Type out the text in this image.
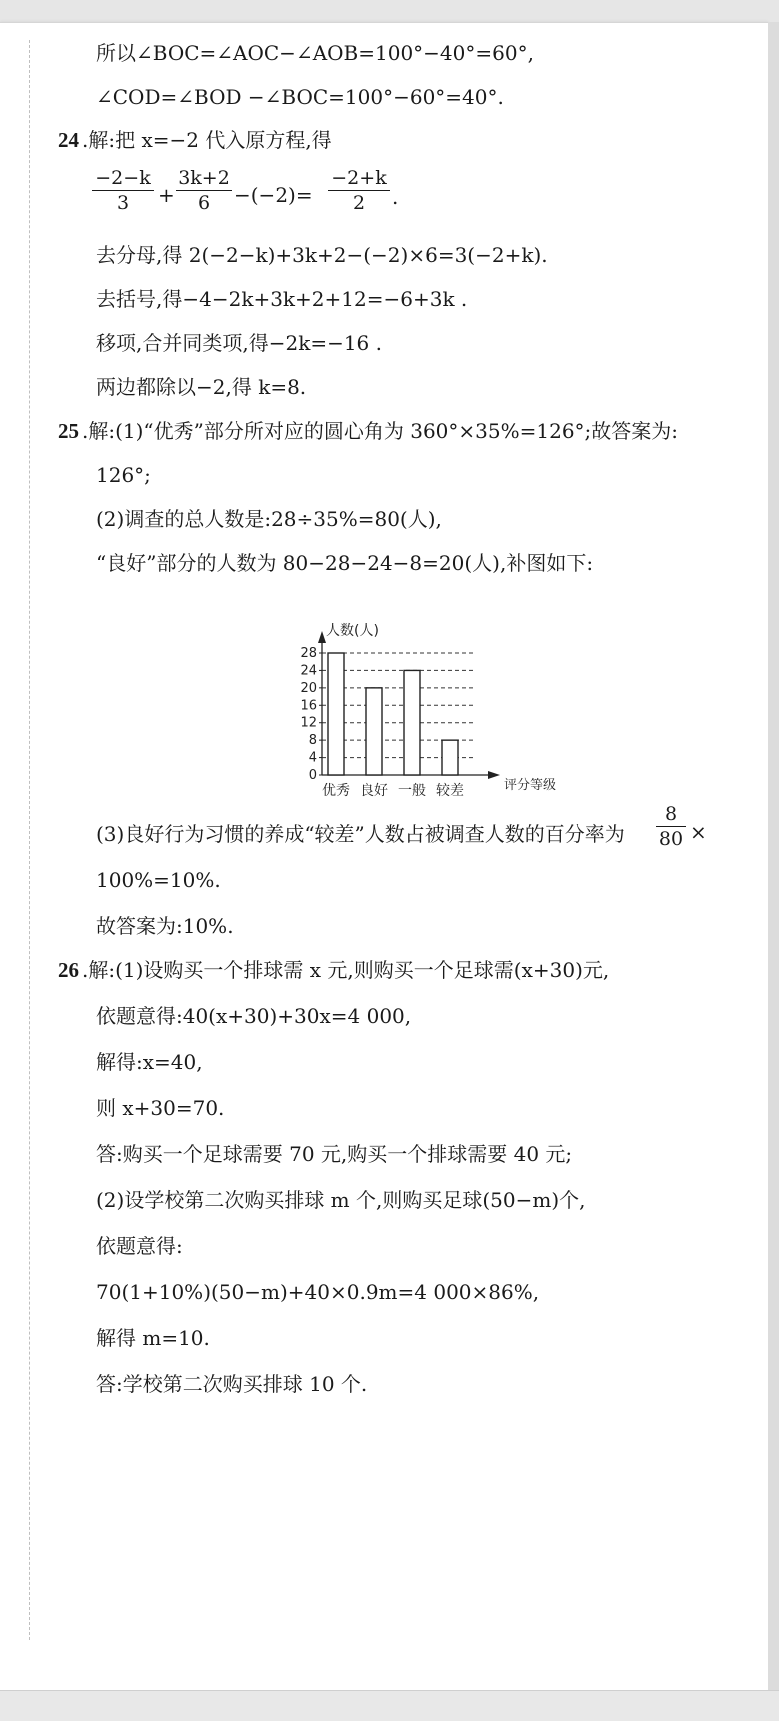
所以∠BOC=∠AOC−∠AOB=100°−40°=60°,
∠COD=∠BOD −∠BOC=100°−60°=40°.
24 .解:把 x=−2 代入原方程,得
−2−k
3	+
3k+2
6	−(−2)=
−2+k
2	.
去分母,得 2(−2−k)+3k+2−(−2)×6=3(−2+k).
去括号,得−4−2k+3k+2+12=−6+3k .
移项,合并同类项,得−2k=−16 .
两边都除以−2,得 k=8.
25 .解:(1)“优秀”部分所对应的圆心角为 360°×35%=126°;故答案为:
126°;
(2)调查的总人数是:28÷35%=80(人),
“良好”部分的人数为 80−28−24−8=20(人),补图如下:
0
4
8
12
16
20
24
28
人数(人)
评分等级
优秀 良好 一般 较差
(3)良好行为习惯的养成“较差”人数占被调查人数的百分率为
8
80 ×
100%=10%.
故答案为:10%.
26 .解:(1)设购买一个排球需 x 元,则购买一个足球需(x+30)元,
依题意得:40(x+30)+30x=4 000,
解得:x=40,
则 x+30=70.
答:购买一个足球需要 70 元,购买一个排球需要 40 元;
(2)设学校第二次购买排球 m 个,则购买足球(50−m)个,
依题意得:
70(1+10%)(50−m)+40×0.9m=4 000×86%,
解得 m=10.
答:学校第二次购买排球 10 个.
